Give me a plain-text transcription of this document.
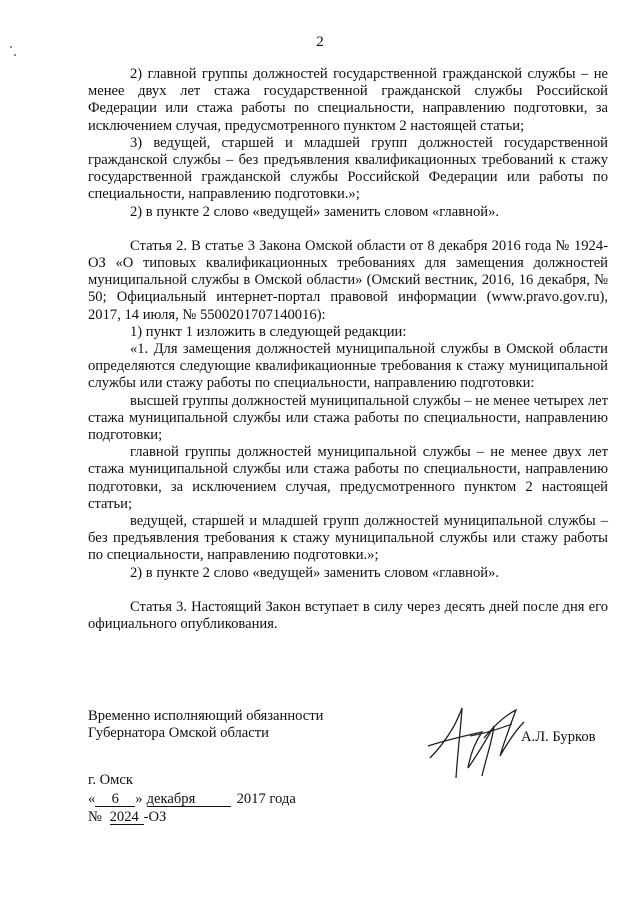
2

2) главной группы должностей государственной гражданской службы – не менее двух лет стажа государственной гражданской службы Российской Федерации или стажа работы по специальности, направлению подготовки, за исключением случая, предусмотренного пунктом 2 настоящей статьи;

3) ведущей, старшей и младшей групп должностей государственной гражданской службы – без предъявления квалификационных требований к стажу государственной гражданской службы Российской Федерации или работы по специальности, направлению подготовки.»;

2) в пункте 2 слово «ведущей» заменить словом «главной».

Статья 2. В статье 3 Закона Омской области от 8 декабря 2016 года № 1924-ОЗ «О типовых квалификационных требованиях для замещения должностей муниципальной службы в Омской области» (Омский вестник, 2016, 16 декабря, № 50; Официальный интернет-портал правовой информации (www.pravo.gov.ru), 2017, 14 июля, № 5500201707140016):

1) пункт 1 изложить в следующей редакции:

«1. Для замещения должностей муниципальной службы в Омской области определяются следующие квалификационные требования к стажу муниципальной службы или стажу работы по специальности, направлению подготовки:

высшей группы должностей муниципальной службы – не менее четырех лет стажа муниципальной службы или стажа работы по специальности, направлению подготовки;

главной группы должностей муниципальной службы – не менее двух лет стажа муниципальной службы или стажа работы по специальности, направлению подготовки, за исключением случая, предусмотренного пунктом 2 настоящей статьи;

ведущей, старшей и младшей групп должностей муниципальной службы – без предъявления требования к стажу муниципальной службы или стажу работы по специальности, направлению подготовки.»;

2) в пункте 2 слово «ведущей» заменить словом «главной».

Статья 3. Настоящий Закон вступает в силу через десять дней после дня его официального опубликования.

Временно исполняющий обязанности
Губернатора Омской области	А.Л. Бурков
г. Омск
« 6 » декабря	2017 года
№ 2024 -ОЗ
